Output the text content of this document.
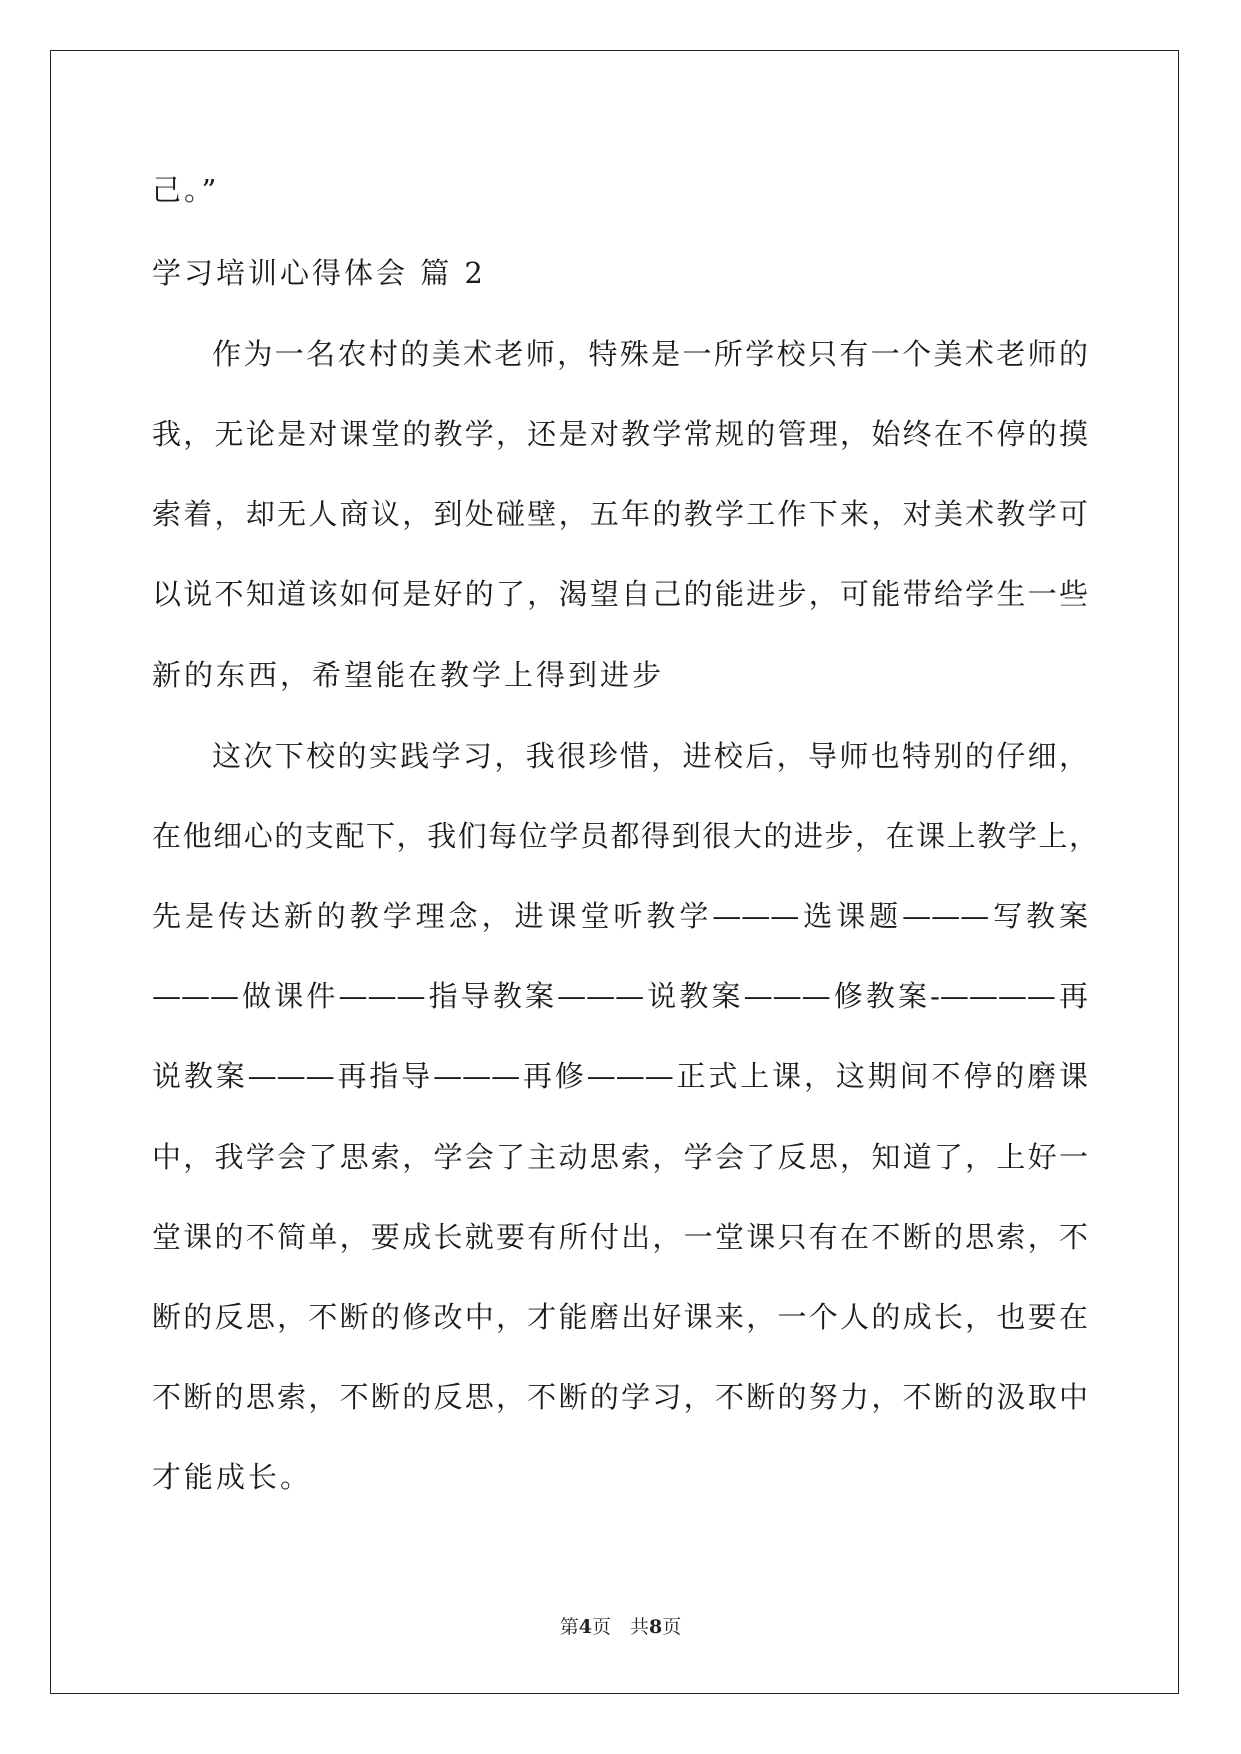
己。”
学习培训心得体会 篇 2
作为一名农村的美术老师，特殊是一所学校只有一个美术老师的
我，无论是对课堂的教学，还是对教学常规的管理，始终在不停的摸
索着，却无人商议，到处碰壁，五年的教学工作下来，对美术教学可
以说不知道该如何是好的了，渴望自己的能进步，可能带给学生一些
新的东西，希望能在教学上得到进步
这次下校的实践学习，我很珍惜，进校后，导师也特别的仔细，
在他细心的支配下，我们每位学员都得到很大的进步，在课上教学上，
先是传达新的教学理念，进课堂听教学———选课题———写教案
———做课件———指导教案———说教案———修教案-————再
说教案———再指导———再修———正式上课，这期间不停的磨课
中，我学会了思索，学会了主动思索，学会了反思，知道了，上好一
堂课的不简单，要成长就要有所付出，一堂课只有在不断的思索，不
断的反思，不断的修改中，才能磨出好课来，一个人的成长，也要在
不断的思索，不断的反思，不断的学习，不断的努力，不断的汲取中
才能成长。
第4页　共8页
